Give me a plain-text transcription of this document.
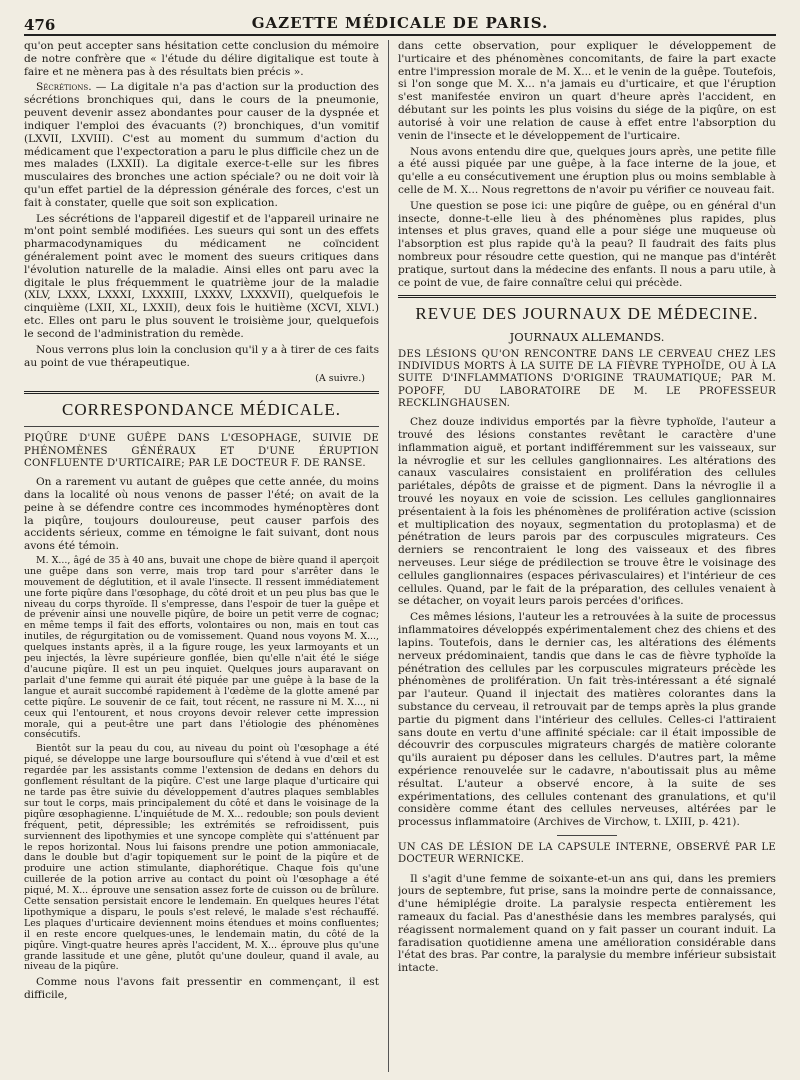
476	GAZETTE MÉDICALE DE PARIS.

qu'on peut accepter sans hésitation cette conclusion du mémoire de notre confrère que « l'étude du délire digitalique est toute à faire et ne mènera pas à des résultats bien précis ».

Sécrétions. — La digitale n'a pas d'action sur la production des sécrétions bronchiques qui, dans le cours de la pneumonie, peuvent devenir assez abondantes pour causer de la dyspnée et indiquer l'emploi des évacuants (?) bronchiques, d'un vomitif (LXVII, LXVIII). C'est au moment du summum d'action du médicament que l'expectoration a paru le plus difficile chez un de mes malades (LXXII). La digitale exerce-t-elle sur les fibres musculaires des bronches une action spéciale? ou ne doit voir là qu'un effet partiel de la dépression générale des forces, c'est un fait à constater, quelle que soit son explication.

Les sécrétions de l'appareil digestif et de l'appareil urinaire ne m'ont point semblé modifiées. Les sueurs qui sont un des effets pharmacodynamiques du médicament ne coïncident généralement point avec le moment des sueurs critiques dans l'évolution naturelle de la maladie. Ainsi elles ont paru avec la digitale le plus fréquemment le quatrième jour de la maladie (XLV, LXXX, LXXXI, LXXXIII, LXXXV, LXXXVII), quelquefois le cinquième (LXII, XL, LXXII), deux fois le huitième (XCVI, XLVI.) etc. Elles ont paru le plus souvent le troisième jour, quelquefois le second de l'administration du remède.

Nous verrons plus loin la conclusion qu'il y a à tirer de ces faits au point de vue thérapeutique.

(A suivre.)

CORRESPONDANCE MÉDICALE.
PIQÛRE D'UNE GUÊPE DANS L'ŒSOPHAGE, SUIVIE DE PHÉNOMÈNES GÉNÉRAUX ET D'UNE ÉRUPTION CONFLUENTE D'URTICAIRE; PAR LE DOCTEUR F. DE RANSE.

On a rarement vu autant de guêpes que cette année, du moins dans la localité où nous venons de passer l'été; on avait de la peine à se défendre contre ces incommodes hyménoptères dont la piqûre, toujours douloureuse, peut causer parfois des accidents sérieux, comme en témoigne le fait suivant, dont nous avons été témoin.

M. X..., âgé de 35 à 40 ans, buvait une chope de bière quand il aperçoit une guêpe dans son verre, mais trop tard pour s'arrêter dans le mouvement de déglutition, et il avale l'insecte. Il ressent immédiatement une forte piqûre dans l'œsophage, du côté droit et un peu plus bas que le niveau du corps thyroïde. Il s'empresse, dans l'espoir de tuer la guêpe et de prévenir ainsi une nouvelle piqûre, de boire un petit verre de cognac; en même temps il fait des efforts, volontaires ou non, mais en tout cas inutiles, de régurgitation ou de vomissement. Quand nous voyons M. X..., quelques instants après, il a la figure rouge, les yeux larmoyants et un peu injectés, la lèvre supérieure gonflée, bien qu'elle n'ait été le siége d'aucune piqûre. Il est un peu inquiet. Quelques jours auparavant on parlait d'une femme qui aurait été piquée par une guêpe à la base de la langue et aurait succombé rapidement à l'œdème de la glotte amené par cette piqûre. Le souvenir de ce fait, tout récent, ne rassure ni M. X..., ni ceux qui l'entourent, et nous croyons devoir relever cette impression morale, qui a peut-être une part dans l'étiologie des phénomènes consécutifs.

Bientôt sur la peau du cou, au niveau du point où l'œsophage a été piqué, se développe une large boursouflure qui s'étend à vue d'œil et est regardée par les assistants comme l'extension de dedans en dehors du gonflement résultant de la piqûre. C'est une large plaque d'urticaire qui ne tarde pas être suivie du développement d'autres plaques semblables sur tout le corps, mais principalement du côté et dans le voisinage de la piqûre œsophagienne. L'inquiétude de M. X... redouble; son pouls devient fréquent, petit, dépressible; les extrémités se refroidissent, puis surviennent des lipothymies et une syncope complète qui s'atténuent par le repos horizontal. Nous lui faisons prendre une potion ammoniacale, dans le double but d'agir topiquement sur le point de la piqûre et de produire une action stimulante, diaphorétique. Chaque fois qu'une cuillerée de la potion arrive au contact du point où l'œsophage a été piqué, M. X... éprouve une sensation assez forte de cuisson ou de brûlure. Cette sensation persistait encore le lendemain. En quelques heures l'état lipothymique a disparu, le pouls s'est relevé, le malade s'est réchauffé. Les plaques d'urticaire deviennent moins étendues et moins confluentes; il en reste encore quelques-unes, le lendemain matin, du côté de la piqûre. Vingt-quatre heures après l'accident, M. X... éprouve plus qu'une grande lassitude et une gêne, plutôt qu'une douleur, quand il avale, au niveau de la piqûre.

Comme nous l'avons fait pressentir en commençant, il est difficile,

dans cette observation, pour expliquer le développement de l'urticaire et des phénomènes concomitants, de faire la part exacte entre l'impression morale de M. X... et le venin de la guêpe. Toutefois, si l'on songe que M. X... n'a jamais eu d'urticaire, et que l'éruption s'est manifestée environ un quart d'heure après l'accident, en débutant sur les points les plus voisins du siége de la piqûre, on est autorisé à voir une relation de cause à effet entre l'absorption du venin de l'insecte et le développement de l'urticaire.

Nous avons entendu dire que, quelques jours après, une petite fille a été aussi piquée par une guêpe, à la face interne de la joue, et qu'elle a eu consécutivement une éruption plus ou moins semblable à celle de M. X... Nous regrettons de n'avoir pu vérifier ce nouveau fait.

Une question se pose ici: une piqûre de guêpe, ou en général d'un insecte, donne-t-elle lieu à des phénomènes plus rapides, plus intenses et plus graves, quand elle a pour siége une muqueuse où l'absorption est plus rapide qu'à la peau? Il faudrait des faits plus nombreux pour résoudre cette question, qui ne manque pas d'intérêt pratique, surtout dans la médecine des enfants. Il nous a paru utile, à ce point de vue, de faire connaître celui qui précède.

REVUE DES JOURNAUX DE MÉDECINE.
JOURNAUX ALLEMANDS.
DES LÉSIONS QU'ON RENCONTRE DANS LE CERVEAU CHEZ LES INDIVIDUS MORTS À LA SUITE DE LA FIÈVRE TYPHOÏDE, OU À LA SUITE D'INFLAMMATIONS D'ORIGINE TRAUMATIQUE; PAR M. POPOFF, DU LABORATOIRE DE M. LE PROFESSEUR RECKLINGHAUSEN.

Chez douze individus emportés par la fièvre typhoïde, l'auteur a trouvé des lésions constantes revêtant le caractère d'une inflammation aiguë, et portant indifféremment sur les vaisseaux, sur la névroglie et sur les cellules ganglionnaires. Les altérations des canaux vasculaires consistaient en prolifération des cellules pariétales, dépôts de graisse et de pigment. Dans la névroglie il a trouvé les noyaux en voie de scission. Les cellules ganglionnaires présentaient à la fois les phénomènes de prolifération active (scission et multiplication des noyaux, segmentation du protoplasma) et de pénétration de leurs parois par des corpuscules migrateurs. Ces derniers se rencontraient le long des vaisseaux et des fibres nerveuses. Leur siége de prédilection se trouve être le voisinage des cellules ganglionnaires (espaces périvasculaires) et l'intérieur de ces cellules. Quand, par le fait de la préparation, des cellules venaient à se détacher, on voyait leurs parois percées d'orifices.

Ces mêmes lésions, l'auteur les a retrouvées à la suite de processus inflammatoires développés expérimentalement chez des chiens et des lapins. Toutefois, dans le dernier cas, les altérations des éléments nerveux prédominaient, tandis que dans le cas de fièvre typhoïde la pénétration des cellules par les corpuscules migrateurs précède les phénomènes de prolifération. Un fait très-intéressant a été signalé par l'auteur. Quand il injectait des matières colorantes dans la substance du cerveau, il retrouvait par de temps après la plus grande partie du pigment dans l'intérieur des cellules. Celles-ci l'attiraient sans doute en vertu d'une affinité spéciale: car il était impossible de découvrir des corpuscules migrateurs chargés de matière colorante qu'ils auraient pu déposer dans les cellules. D'autres part, la même expérience renouvelée sur le cadavre, n'aboutissait plus au même résultat. L'auteur a observé encore, à la suite de ses expérimentations, des cellules contenant des granulations, et qu'il considère comme étant des cellules nerveuses, altérées par le processus inflammatoire (Archives de Virchow, t. LXIII, p. 421).

UN CAS DE LÉSION DE LA CAPSULE INTERNE, OBSERVÉ PAR LE DOCTEUR WERNICKE.

Il s'agit d'une femme de soixante-et-un ans qui, dans les premiers jours de septembre, fut prise, sans la moindre perte de connaissance, d'une hémiplégie droite. La paralysie respecta entièrement les rameaux du facial. Pas d'anesthésie dans les membres paralysés, qui réagissent normalement quand on y fait passer un courant induit. La faradisation quotidienne amena une amélioration considérable dans l'état des bras. Par contre, la paralysie du membre inférieur subsistait intacte.
